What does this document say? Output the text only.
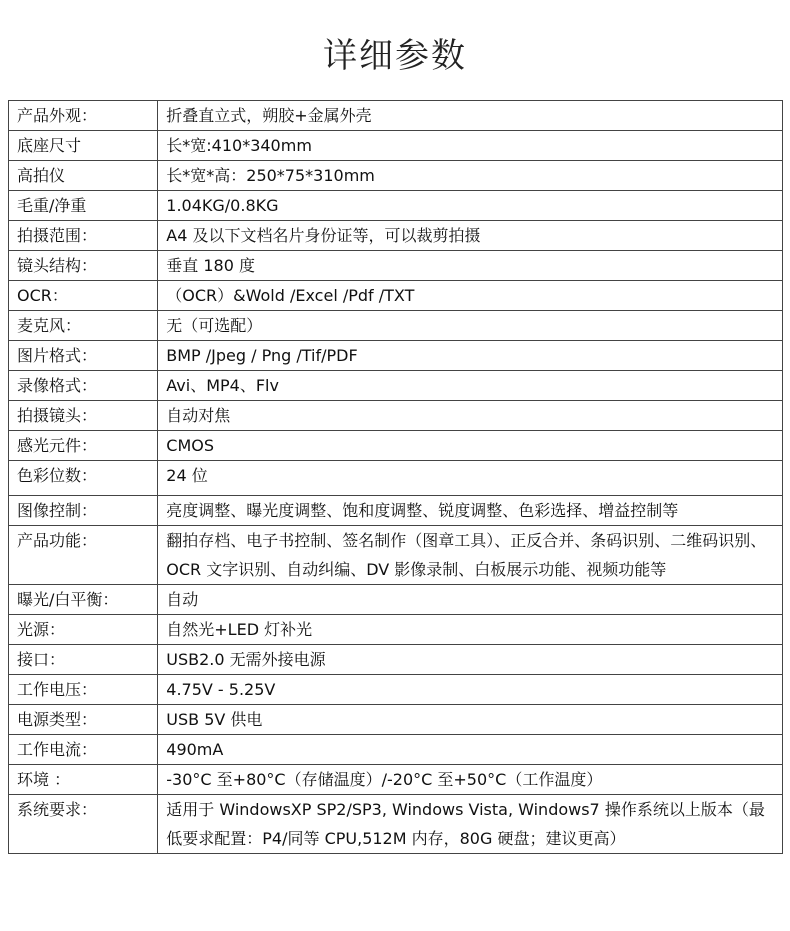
详细参数
产品外观：	折叠直立式，朔胶+金属外壳
底座尺寸	长*宽:410*340mm
高拍仪	长*宽*高：250*75*310mm
毛重/净重	1.04KG/0.8KG
拍摄范围：	A4 及以下文档名片身份证等，可以裁剪拍摄
镜头结构：	垂直 180 度
OCR：	（OCR）&Wold /Excel /Pdf /TXT
麦克风：	无（可选配）
图片格式：	BMP /Jpeg / Png /Tif/PDF
录像格式：	Avi、MP4、Flv
拍摄镜头：	自动对焦
感光元件：	CMOS
色彩位数：	24 位
图像控制：	亮度调整、曝光度调整、饱和度调整、锐度调整、色彩选择、增益控制等
产品功能：	翻拍存档、电子书控制、签名制作（图章工具）、正反合并、条码识别、二维码识别、OCR 文字识别、自动纠编、DV 影像录制、白板展示功能、视频功能等
曝光/白平衡：	自动
光源：	自然光+LED 灯补光
接口：	USB2.0 无需外接电源
工作电压：	4.75V - 5.25V
电源类型：	USB 5V 供电
工作电流：	490mA
环境 ：	-30°C 至+80°C（存储温度）/-20°C 至+50°C（工作温度）
系统要求：	适用于 WindowsXP SP2/SP3, Windows Vista, Windows7 操作系统以上版本（最低要求配置：P4/同等 CPU,512M 内存，80G 硬盘；建议更高）
